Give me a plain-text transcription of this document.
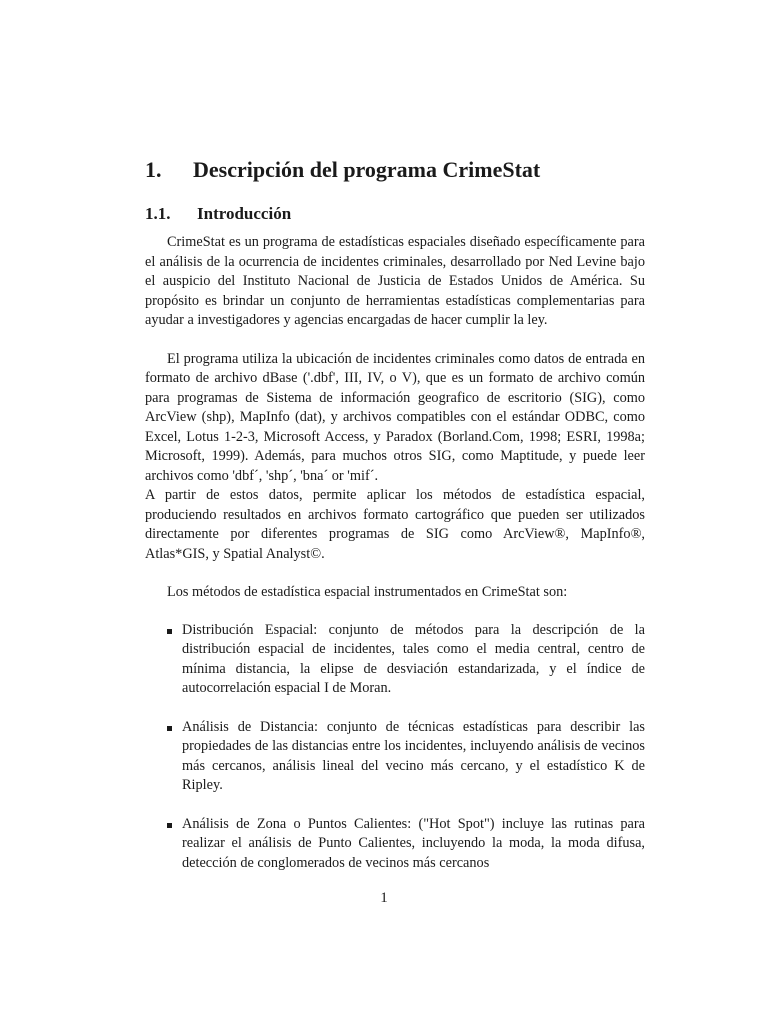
1. Descripción del programa CrimeStat
1.1. Introducción

CrimeStat es un programa de estadísticas espaciales diseñado específicamente para el análisis de la ocurrencia de incidentes criminales, desarrollado por Ned Levine bajo el auspicio del Instituto Nacional de Justicia de Estados Unidos de América. Su propósito es brindar un conjunto de herramientas estadísticas complementarias para ayudar a investigadores y agencias encargadas de hacer cumplir la ley.

El programa utiliza la ubicación de incidentes criminales como datos de entrada en formato de archivo dBase ('.dbf', III, IV, o V), que es un formato de archivo común para programas de Sistema de información geografico de escritorio (SIG), como ArcView (shp), MapInfo (dat), y archivos compatibles con el estándar ODBC, como Excel, Lotus 1-2-3, Microsoft Access, y Paradox (Borland.Com, 1998; ESRI, 1998a; Microsoft, 1999). Además, para muchos otros SIG, como Maptitude, y puede leer archivos como 'dbf´, 'shp´, 'bna´ or 'mif´.

A partir de estos datos, permite aplicar los métodos de estadística espacial, produciendo resultados en archivos formato cartográfico que pueden ser utilizados directamente por diferentes programas de SIG como ArcView®, MapInfo®, Atlas*GIS, y Spatial Analyst©.

Los métodos de estadística espacial instrumentados en CrimeStat son:

Distribución Espacial: conjunto de métodos para la descripción de la distribución espacial de incidentes, tales como el media central, centro de mínima distancia, la elipse de desviación estandarizada, y el índice de autocorrelación espacial I de Moran.
Análisis de Distancia: conjunto de técnicas estadísticas para describir las propiedades de las distancias entre los incidentes, incluyendo análisis de vecinos más cercanos, análisis lineal del vecino más cercano, y el estadístico K de Ripley.
Análisis de Zona o Puntos Calientes: ("Hot Spot") incluye las rutinas para realizar el análisis de Punto Calientes, incluyendo la moda, la moda difusa, detección de conglomerados de vecinos más cercanos
1
